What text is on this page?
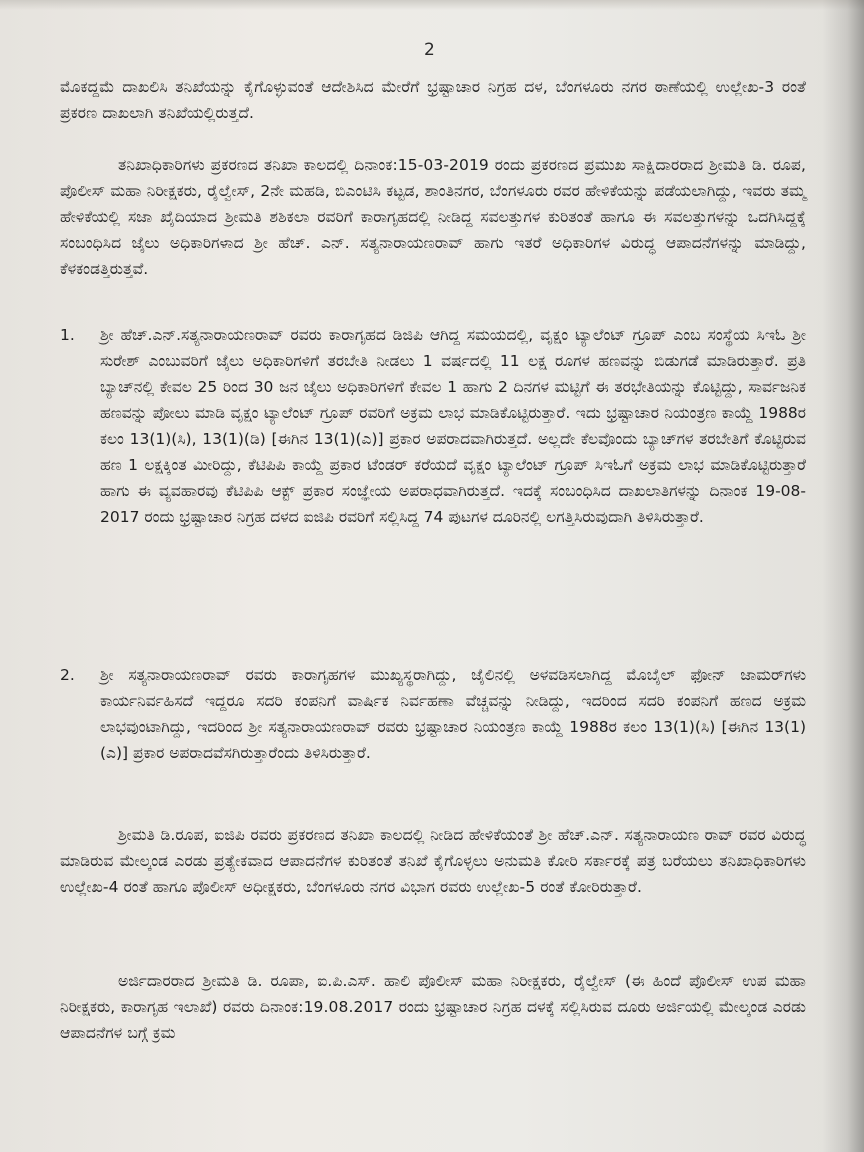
2
ಮೊಕದ್ದಮೆ ದಾಖಲಿಸಿ ತನಿಖೆಯನ್ನು ಕೈಗೊಳ್ಳುವಂತೆ ಆದೇಶಿಸಿದ ಮೇರೆಗೆ ಭ್ರಷ್ಟಾಚಾರ ನಿಗ್ರಹ ದಳ, ಬೆಂಗಳೂರು ನಗರ ಠಾಣೆಯಲ್ಲಿ ಉಲ್ಲೇಖ-3 ರಂತೆ ಪ್ರಕರಣ ದಾಖಲಾಗಿ ತನಿಖೆಯಲ್ಲಿರುತ್ತದೆ.
ತನಿಖಾಧಿಕಾರಿಗಳು ಪ್ರಕರಣದ ತನಿಖಾ ಕಾಲದಲ್ಲಿ ದಿನಾಂಕ:15-03-2019 ರಂದು ಪ್ರಕರಣದ ಪ್ರಮುಖ ಸಾಕ್ಷಿದಾರರಾದ ಶ್ರೀಮತಿ ಡಿ. ರೂಪ, ಪೊಲೀಸ್ ಮಹಾ ನಿರೀಕ್ಷಕರು, ರೈಲ್ವೇಸ್, 2ನೇ ಮಹಡಿ, ಬಿಎಂಟಿಸಿ ಕಟ್ಟಡ, ಶಾಂತಿನಗರ, ಬೆಂಗಳೂರು ರವರ ಹೇಳಿಕೆಯನ್ನು ಪಡೆಯಲಾಗಿದ್ದು, ಇವರು ತಮ್ಮ ಹೇಳಿಕೆಯಲ್ಲಿ ಸಜಾ ಖೈದಿಯಾದ ಶ್ರೀಮತಿ ಶಶಿಕಲಾ ರವರಿಗೆ ಕಾರಾಗೃಹದಲ್ಲಿ ನೀಡಿದ್ದ ಸವಲತ್ತುಗಳ ಕುರಿತಂತೆ ಹಾಗೂ ಈ ಸವಲತ್ತುಗಳನ್ನು ಒದಗಿಸಿದ್ದಕ್ಕೆ ಸಂಬಂಧಿಸಿದ ಜೈಲು ಅಧಿಕಾರಿಗಳಾದ ಶ್ರೀ ಹೆಚ್. ಎನ್. ಸತ್ಯನಾರಾಯಣರಾವ್ ಹಾಗು ಇತರೆ ಅಧಿಕಾರಿಗಳ ವಿರುದ್ಧ ಆಪಾದನೆಗಳನ್ನು ಮಾಡಿದ್ದು, ಕೆಳಕಂಡತ್ತಿರುತ್ತವೆ.
1.	ಶ್ರೀ ಹೆಚ್.ಎನ್.ಸತ್ಯನಾರಾಯಣರಾವ್ ರವರು ಕಾರಾಗೃಹದ ಡಿಜಿಪಿ ಆಗಿದ್ದ ಸಮಯದಲ್ಲಿ, ವೃಕ್ಷಂ ಟ್ಯಾಲೆಂಟ್ ಗ್ರೂಪ್ ಎಂಬ ಸಂಸ್ಥೆಯ ಸಿಇಓ ಶ್ರೀ ಸುರೇಶ್ ಎಂಬುವರಿಗೆ ಜೈಲು ಅಧಿಕಾರಿಗಳಿಗೆ ತರಬೇತಿ ನೀಡಲು 1 ವರ್ಷದಲ್ಲಿ 11 ಲಕ್ಷ ರೂಗಳ ಹಣವನ್ನು ಬಿಡುಗಡೆ ಮಾಡಿರುತ್ತಾರೆ. ಪ್ರತಿ ಬ್ಯಾಚ್‌ನಲ್ಲಿ ಕೇವಲ 25 ರಿಂದ 30 ಜನ ಜೈಲು ಅಧಿಕಾರಿಗಳಿಗೆ ಕೇವಲ 1 ಹಾಗು 2 ದಿನಗಳ ಮಟ್ಟಿಗೆ ಈ ತರಭೇತಿಯನ್ನು ಕೊಟ್ಟಿದ್ದು, ಸಾರ್ವಜನಿಕ ಹಣವನ್ನು ಪೋಲು ಮಾಡಿ ವೃಕ್ಷಂ ಟ್ಯಾಲೆಂಟ್ ಗ್ರೂಪ್ ರವರಿಗೆ ಅಕ್ರಮ ಲಾಭ ಮಾಡಿಕೊಟ್ಟಿರುತ್ತಾರೆ. ಇದು ಭ್ರಷ್ಟಾಚಾರ ನಿಯಂತ್ರಣ ಕಾಯ್ದೆ 1988ರ ಕಲಂ 13(1)(ಸಿ), 13(1)(ಡಿ) [ಈಗಿನ 13(1)(ಎ)] ಪ್ರಕಾರ ಅಪರಾದವಾಗಿರುತ್ತದೆ. ಅಲ್ಲದೇ ಕೆಲವೊಂದು ಬ್ಯಾಚ್‌ಗಳ ತರಬೇತಿಗೆ ಕೊಟ್ಟಿರುವ ಹಣ 1 ಲಕ್ಷಕ್ಕಿಂತ ಮೀರಿದ್ದು, ಕೆಟಿಪಿಪಿ ಕಾಯ್ದೆ ಪ್ರಕಾರ ಟೆಂಡರ್ ಕರೆಯದೆ ವೃಕ್ಷಂ ಟ್ಯಾಲೆಂಟ್ ಗ್ರೂಪ್ ಸಿಇಓಗೆ ಅಕ್ರಮ ಲಾಭ ಮಾಡಿಕೊಟ್ಟಿರುತ್ತಾರೆ ಹಾಗು ಈ ವ್ಯವಹಾರವು ಕೆಟಿಪಿಪಿ ಆಕ್ಟ್ ಪ್ರಕಾರ ಸಂಜ್ಞೇಯ ಅಪರಾಧವಾಗಿರುತ್ತದೆ. ಇದಕ್ಕೆ ಸಂಬಂಧಿಸಿದ ದಾಖಲಾತಿಗಳನ್ನು ದಿನಾಂಕ 19-08-2017 ರಂದು ಭ್ರಷ್ಟಾಚಾರ ನಿಗ್ರಹ ದಳದ ಐಜಿಪಿ ರವರಿಗೆ ಸಲ್ಲಿಸಿದ್ದ 74 ಪುಟಗಳ ದೂರಿನಲ್ಲಿ ಲಗತ್ತಿಸಿರುವುದಾಗಿ ತಿಳಿಸಿರುತ್ತಾರೆ.
2.	ಶ್ರೀ ಸತ್ಯನಾರಾಯಣರಾವ್ ರವರು ಕಾರಾಗೃಹಗಳ ಮುಖ್ಯಸ್ಥರಾಗಿದ್ದು, ಜೈಲಿನಲ್ಲಿ ಅಳವಡಿಸಲಾಗಿದ್ದ ಮೊಬೈಲ್ ಫೋನ್ ಜಾಮರ್‌ಗಳು ಕಾರ್ಯನಿರ್ವಹಿಸದೆ ಇದ್ದರೂ ಸದರಿ ಕಂಪನಿಗೆ ವಾರ್ಷಿಕ ನಿರ್ವಹಣಾ ವೆಚ್ಚವನ್ನು ನೀಡಿದ್ದು, ಇದರಿಂದ ಸದರಿ ಕಂಪನಿಗೆ ಹಣದ ಅಕ್ರಮ ಲಾಭವುಂಟಾಗಿದ್ದು, ಇದರಿಂದ ಶ್ರೀ ಸತ್ಯನಾರಾಯಣರಾವ್ ರವರು ಭ್ರಷ್ಟಾಚಾರ ನಿಯಂತ್ರಣ ಕಾಯ್ದೆ 1988ರ ಕಲಂ 13(1)(ಸಿ) [ಈಗಿನ 13(1)(ಎ)] ಪ್ರಕಾರ ಅಪರಾದವೆಸಗಿರುತ್ತಾರೆಂದು ತಿಳಿಸಿರುತ್ತಾರೆ.
ಶ್ರೀಮತಿ ಡಿ.ರೂಪ, ಐಜಿಪಿ ರವರು ಪ್ರಕರಣದ ತನಿಖಾ ಕಾಲದಲ್ಲಿ ನೀಡಿದ ಹೇಳಿಕೆಯಂತೆ ಶ್ರೀ ಹೆಚ್.ಎನ್. ಸತ್ಯನಾರಾಯಣ ರಾವ್ ರವರ ವಿರುದ್ಧ ಮಾಡಿರುವ ಮೇಲ್ಕಂಡ ಎರಡು ಪ್ರತ್ಯೇಕವಾದ ಆಪಾದನೆಗಳ ಕುರಿತಂತೆ ತನಿಖೆ ಕೈಗೊಳ್ಳಲು ಅನುಮತಿ ಕೋರಿ ಸರ್ಕಾರಕ್ಕೆ ಪತ್ರ ಬರೆಯಲು ತನಿಖಾಧಿಕಾರಿಗಳು ಉಲ್ಲೇಖ-4 ರಂತೆ ಹಾಗೂ ಪೊಲೀಸ್ ಅಧೀಕ್ಷಕರು, ಬೆಂಗಳೂರು ನಗರ ವಿಭಾಗ ರವರು ಉಲ್ಲೇಖ-5 ರಂತೆ ಕೋರಿರುತ್ತಾರೆ.
ಅರ್ಜಿದಾರರಾದ ಶ್ರೀಮತಿ ಡಿ. ರೂಪಾ, ಐ.ಪಿ.ಎಸ್. ಹಾಲಿ ಪೊಲೀಸ್ ಮಹಾ ನಿರೀಕ್ಷಕರು, ರೈಲ್ವೇಸ್ (ಈ ಹಿಂದೆ ಪೊಲೀಸ್ ಉಪ ಮಹಾ ನಿರೀಕ್ಷಕರು, ಕಾರಾಗೃಹ ಇಲಾಖೆ) ರವರು ದಿನಾಂಕ:19.08.2017 ರಂದು ಭ್ರಷ್ಟಾಚಾರ ನಿಗ್ರಹ ದಳಕ್ಕೆ ಸಲ್ಲಿಸಿರುವ ದೂರು ಅರ್ಜಿಯಲ್ಲಿ ಮೇಲ್ಕಂಡ ಎರಡು ಆಪಾದನೆಗಳ ಬಗ್ಗೆ ಕ್ರಮ
